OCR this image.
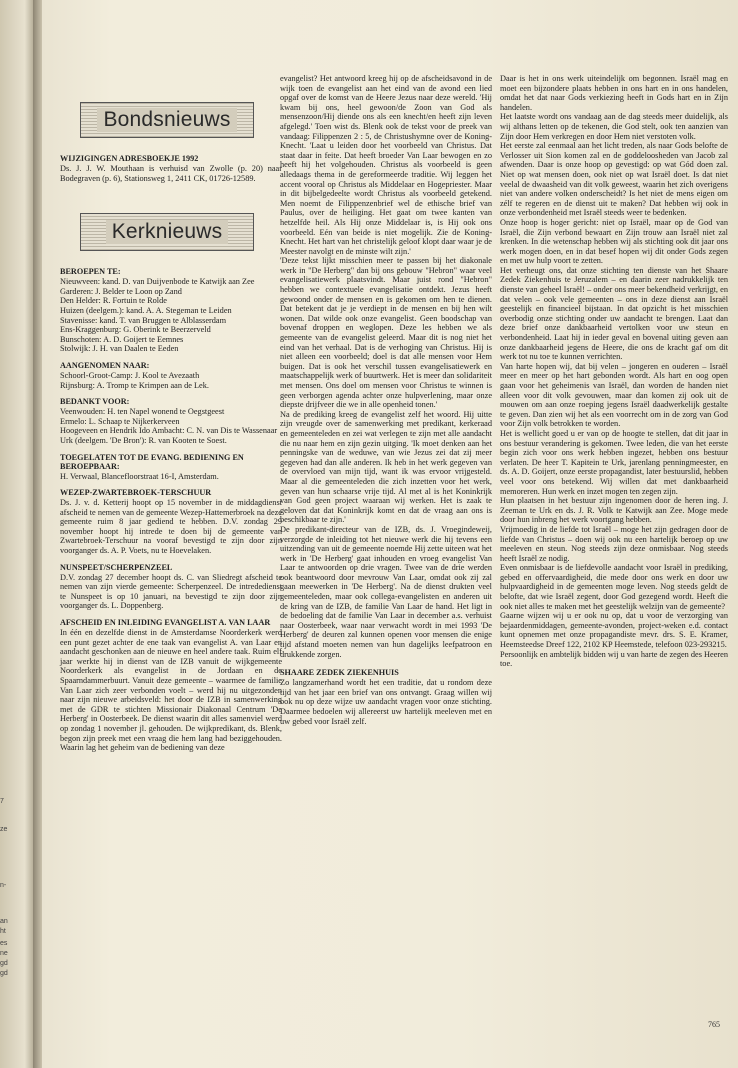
7
ze
n-
an
ht
es
ne
gd
gd
Bondsnieuws
WIJZIGINGEN ADRESBOEKJE 1992

Ds. J. J. W. Mouthaan is verhuisd van Zwolle (p. 20) naar Bodegraven (p. 6), Stationsweg 1, 2411 CK, 01726-12589.

Kerknieuws
BEROEPEN TE:

Nieuwveen: kand. D. van Duijvenbode te Katwijk aan Zee

Garderen: J. Belder te Loon op Zand

Den Helder: R. Fortuin te Rolde

Huizen (deelgem.): kand. A. A. Stegeman te Leiden

Stavenisse: kand. T. van Bruggen te Alblasserdam

Ens-Kraggenburg: G. Oberink te Beerzerveld

Bunschoten: A. D. Goijert te Eemnes

Stolwijk: J. H. van Daalen te Eeden

AANGENOMEN NAAR:

Schoorl-Groot-Camp: J. Kool te Avezaath

Rijnsburg: A. Tromp te Krimpen aan de Lek.

BEDANKT VOOR:

Veenwouden: H. ten Napel wonend te Oegstgeest

Ermelo: L. Schaap te Nijkerkerveen

Hoogeveen en Hendrik Ido Ambacht: C. N. van Dis te Wassenaar

Urk (deelgem. 'De Bron'): R. van Kooten te Soest.

TOEGELATEN TOT DE EVANG. BEDIENING EN BEROEPBAAR:

H. Verwaal, Blancefloorstraat 16-I, Amsterdam.

WEZEP-ZWARTEBROEK-TERSCHUUR

Ds. J. v. d. Ketterij hoopt op 15 november in de middagdienst afscheid te nemen van de gemeente Wezep-Hattemerbroek na deze gemeente ruim 8 jaar gediend te hebben. D.V. zondag 29 november hoopt hij intrede te doen bij de gemeente van Zwartebroek-Terschuur na vooraf bevestigd te zijn door zijn voorganger ds. A. P. Voets, nu te Hoevelaken.

NUNSPEET/SCHERPENZEEL

D.V. zondag 27 december hoopt ds. C. van Sliedregt afscheid te nemen van zijn vierde gemeente: Scherpenzeel. De intrededienst te Nunspeet is op 10 januari, na bevestigd te zijn door zijn voorganger ds. L. Doppenberg.

AFSCHEID EN INLEIDING EVANGELIST A. VAN LAAR

In één en dezelfde dienst in de Amsterdamse Noorderkerk werd een punt gezet achter de ene taak van evangelist A. van Laar en aandacht geschonken aan de nieuwe en heel andere taak. Ruim elf jaar werkte hij in dienst van de IZB vanuit de wijkgemeente Noorderkerk als evangelist in de Jordaan en de Spaarndammerbuurt. Vanuit deze gemeente – waarmee de familie Van Laar zich zeer verbonden voelt – werd hij nu uitgezonden naar zijn nieuwe arbeidsveld: het door de IZB in samenwerking met de GDR te stichten Missionair Diakonaal Centrum 'De Herberg' in Oosterbeek. De dienst waarin dit alles samenviel werd op zondag 1 november jl. gehouden. De wijkpredikant, ds. Blenk, begon zijn preek met een vraag die hem lang had beziggehouden. Waarin lag het geheim van de bediening van deze

evangelist? Het antwoord kreeg hij op de afscheidsavond in de wijk toen de evangelist aan het eind van de avond een lied opgaf over de komst van de Heere Jezus naar deze wereld. 'Hij kwam bij ons, heel gewoon/de Zoon van God als mensenzoon/Hij diende ons als een knecht/en heeft zijn leven afgelegd.' Toen wist ds. Blenk ook de tekst voor de preek van vandaag: Filippenzen 2 : 5, de Christushymne over de Koning-Knecht. 'Laat u leiden door het voorbeeld van Christus. Dat staat daar in feite. Dat heeft broeder Van Laar bewogen en zo heeft hij het volgehouden. Christus als voorbeeld is geen alledaags thema in de gereformeerde traditie. Wij leggen het accent vooral op Christus als Middelaar en Hogepriester. Maar in dit bijbelgedeelte wordt Christus als voorbeeld getekend. Men noemt de Filippenzenbrief wel de ethische brief van Paulus, over de heiliging. Het gaat om twee kanten van hetzelfde heil. Als Hij onze Middelaar is, is Hij ook ons voorbeeld. Eén van beide is niet mogelijk. Zie de Koning-Knecht. Het hart van het christelijk geloof klopt daar waar je de Meester navolgt en de minste wilt zijn.'

'Deze tekst lijkt misschien meer te passen bij het diakonale werk in "De Herberg" dan bij ons gebouw "Hebron" waar veel evangelisatiewerk plaatsvindt. Maar juist rond "Hebron" hebben we contextuele evangelisatie ontdekt. Jezus heeft gewoond onder de mensen en is gekomen om hen te dienen. Dat betekent dat je je verdiept in de mensen en bij hen wilt wonen. Dat wilde ook onze evangelist. Geen boodschap van bovenaf droppen en weglopen. Deze les hebben we als gemeente van de evangelist geleerd. Maar dit is nog niet het eind van het verhaal. Dat is de verhoging van Christus. Hij is niet alleen een voorbeeld; doel is dat alle mensen voor Hem buigen. Dat is ook het verschil tussen evangelisatiewerk en maatschappelijk werk of buurtwerk. Het is meer dan solidariteit met mensen. Ons doel om mensen voor Christus te winnen is geen verborgen agenda achter onze hulpverlening, maar onze diepste drijfveer die we in alle openheid tonen.'

Na de prediking kreeg de evangelist zelf het woord. Hij uitte zijn vreugde over de samenwerking met predikant, kerkeraad en gemeenteleden en zei wat verlegen te zijn met alle aandacht die nu naar hem en zijn gezin uitging. 'Ik moet denken aan het penningske van de weduwe, van wie Jezus zei dat zij meer gegeven had dan alle anderen. Ik heb in het werk gegeven van de overvloed van mijn tijd, want ik was ervoor vrijgesteld. Maar al die gemeenteleden die zich inzetten voor het werk, geven van hun schaarse vrije tijd. Al met al is het Koninkrijk van God geen project waaraan wij werken. Het is zaak te geloven dat dat Koninkrijk komt en dat de vraag aan ons is beschikbaar te zijn.'

De predikant-directeur van de IZB, ds. J. Vroegindeweij, verzorgde de inleiding tot het nieuwe werk die hij tevens een uitzending van uit de gemeente noemde Hij zette uiteen wat het werk in 'De Herberg' gaat inhouden en vroeg evangelist Van Laar te antwoorden op drie vragen. Twee van de drie werden ook beantwoord door mevrouw Van Laar, omdat ook zij zal gaan meewerken in 'De Herberg'. Na de dienst drukten veel gemeenteleden, maar ook collega-evangelisten en anderen uit de kring van de IZB, de familie Van Laar de hand. Het ligt in de bedoeling dat de familie Van Laar in december a.s. verhuist naar Oosterbeek, waar naar verwacht wordt in mei 1993 'De Herberg' de deuren zal kunnen openen voor mensen die enige tijd afstand moeten nemen van hun dagelijks leefpatroon en drukkende zorgen.

SHAARE ZEDEK ZIEKENHUIS

Zo langzamerhand wordt het een traditie, dat u rondom deze tijd van het jaar een brief van ons ontvangt. Graag willen wij ook nu op deze wijze uw aandacht vragen voor onze stichting. Daarmee bedoelen wij allereerst uw hartelijk meeleven met en uw gebed voor Israël zelf.

Daar is het in ons werk uiteindelijk om begonnen. Israël mag en moet een bijzondere plaats hebben in ons hart en in ons handelen, omdat het dat naar Gods verkiezing heeft in Gods hart en in Zijn handelen.

Het laatste wordt ons vandaag aan de dag steeds meer duidelijk, als wij althans letten op de tekenen, die God stelt, ook ten aanzien van Zijn door Hem verkregen en door Hem niet verstoten volk.

Het eerste zal eenmaal aan het licht treden, als naar Gods belofte de Verlosser uit Sion komen zal en de goddeloosheden van Jacob zal afwenden. Daar is onze hoop op gevestigd: op wat Gód doen zal. Niet op wat mensen doen, ook niet op wat Israël doet. Is dat niet veelal de dwaasheid van dit volk geweest, waarin het zich overigens niet van andere volken onderscheidt? Is het niet de mens eigen om zélf te regeren en de dienst uit te maken? Dat hebben wij ook in onze verbondenheid met Israël steeds weer te bedenken.

Onze hoop is hoger gericht: niet op Israël, maar op de God van Israël, die Zijn verbond bewaart en Zijn trouw aan Israël niet zal krenken. In die wetenschap hebben wij als stichting ook dit jaar ons werk mogen doen, en in dat besef hopen wij dit onder Gods zegen en met uw hulp voort te zetten.

Het verheugt ons, dat onze stichting ten dienste van het Shaare Zedek Ziekenhuis te Jeruzalem – en daarin zeer nadrukkelijk ten dienste van geheel Israël! – onder ons meer bekendheid verkrijgt, en dat velen – ook vele gemeenten – ons in deze dienst aan Israël geestelijk en financieel bijstaan. In dat opzicht is het misschien overbodig onze stichting onder uw aandacht te brengen. Laat dan deze brief onze dankbaarheid vertolken voor uw steun en verbondenheid. Laat hij in ieder geval en bovenal uiting geven aan onze dankbaarheid jegens de Heere, die ons de kracht gaf om dit werk tot nu toe te kunnen verrichten.

Van harte hopen wij, dat bij velen – jongeren en ouderen – Israël meer en meer op het hart gebonden wordt. Als hart en oog open gaan voor het geheimenis van Israël, dan worden de handen niet alleen voor dit volk gevouwen, maar dan komen zij ook uit de mouwen om aan onze roeping jegens Israël daadwerkelijk gestalte te geven. Dan zien wij het als een voorrecht om in de zorg van God voor Zijn volk betrokken te worden.

Het is wellicht goed u er van op de hoogte te stellen, dat dit jaar in ons bestuur verandering is gekomen. Twee leden, die van het eerste begin zich voor ons werk hebben ingezet, hebben ons bestuur verlaten. De heer T. Kapitein te Urk, jarenlang penningmeester, en ds. A. D. Goijert, onze eerste propagandist, later bestuurslid, hebben veel voor ons betekend. Wij willen dat met dankbaarheid memoreren. Hun werk en inzet mogen ten zegen zijn.

Hun plaatsen in het bestuur zijn ingenomen door de heren ing. J. Zeeman te Urk en ds. J. R. Volk te Katwijk aan Zee. Moge mede door hun inbreng het werk voortgang hebben.

Vrijmoedig in de liefde tot Israël – moge het zijn gedragen door de liefde van Christus – doen wij ook nu een hartelijk beroep op uw meeleven en steun. Nog steeds zijn deze onmisbaar. Nog steeds heeft Israël ze nodig.

Even onmisbaar is de liefdevolle aandacht voor Israël in prediking, gebed en offervaardigheid, die mede door ons werk en door uw hulpvaardigheid in de gemeenten moge leven. Nog steeds geldt de belofte, dat wie Israël zegent, door God gezegend wordt. Heeft die ook niet alles te maken met het geestelijk welzijn van de gemeente?

Gaarne wijzen wij u er ook nu op, dat u voor de verzorging van bejaardenmiddagen, gemeente-avonden, project-weken e.d. contact kunt opnemen met onze propagandiste mevr. drs. S. E. Kramer, Heemsteedse Dreef 122, 2102 KP Heemstede, telefoon 023-293215.

Persoonlijk en ambtelijk bidden wij u van harte de zegen des Heeren toe.

765
